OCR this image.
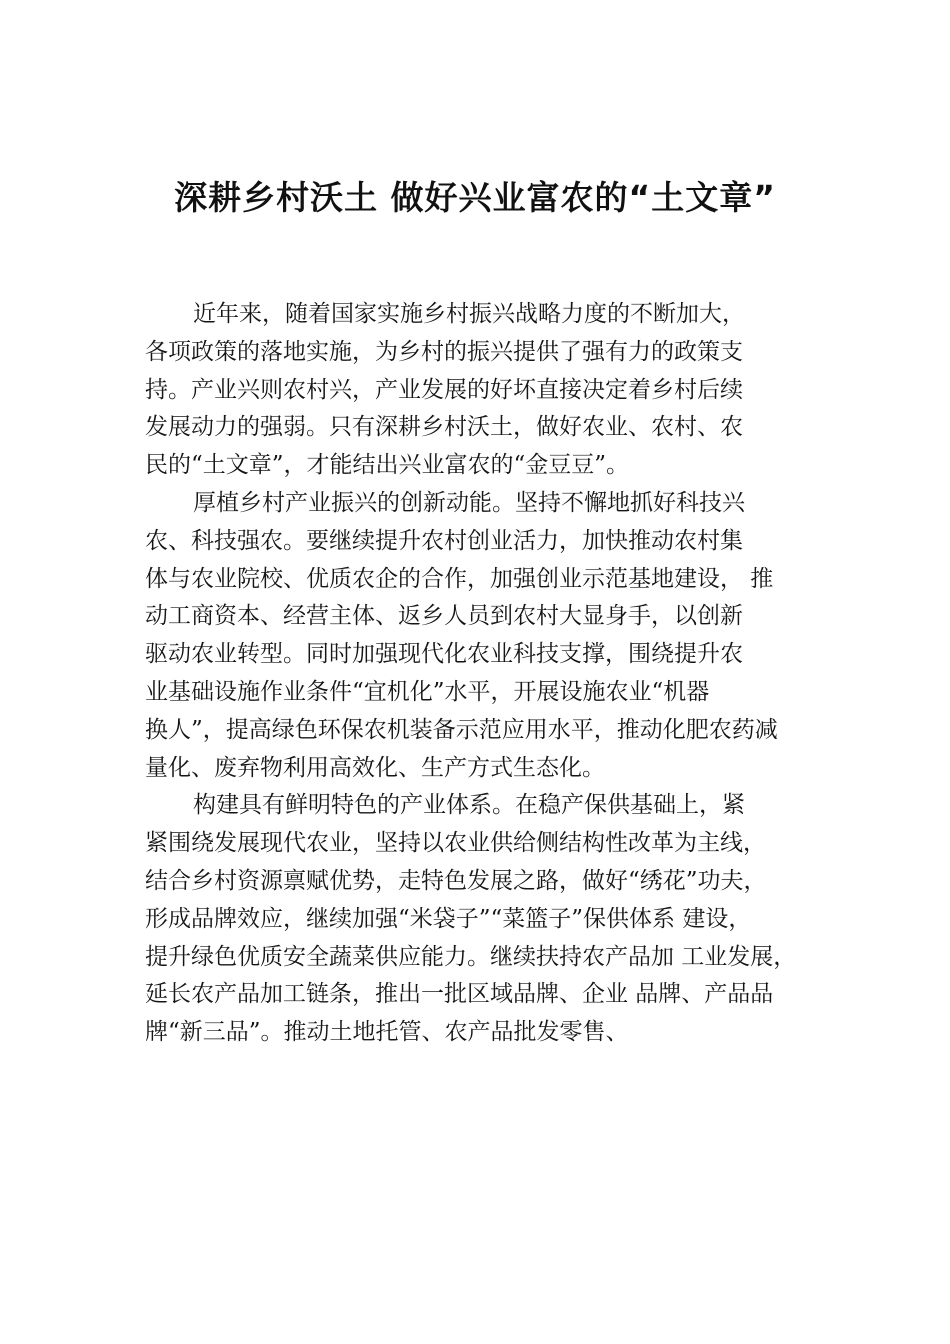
深耕乡村沃土 做好兴业富农的“土文章”
近年来，随着国家实施乡村振兴战略力度的不断加大，
各项政策的落地实施，为乡村的振兴提供了强有力的政策支
持。产业兴则农村兴，产业发展的好坏直接决定着乡村后续
发展动力的强弱。只有深耕乡村沃土，做好农业、农村、农
民的“土文章”，才能结出兴业富农的“金豆豆”。
厚植乡村产业振兴的创新动能。坚持不懈地抓好科技兴
农、科技强农。要继续提升农村创业活力，加快推动农村集
体与农业院校、优质农企的合作，加强创业示范基地建设， 推
动工商资本、经营主体、返乡人员到农村大显身手，以创新
驱动农业转型。同时加强现代化农业科技支撑，围绕提升农
业基础设施作业条件“宜机化”水平，开展设施农业“机器
换人”，提高绿色环保农机装备示范应用水平，推动化肥农药减
量化、废弃物利用高效化、生产方式生态化。
构建具有鲜明特色的产业体系。在稳产保供基础上，紧
紧围绕发展现代农业，坚持以农业供给侧结构性改革为主线，
结合乡村资源禀赋优势，走特色发展之路，做好“绣花”功夫，
形成品牌效应，继续加强“米袋子”“菜篮子”保供体系 建设，
提升绿色优质安全蔬菜供应能力。继续扶持农产品加 工业发展，
延长农产品加工链条，推出一批区域品牌、企业 品牌、产品品
牌“新三品”。推动土地托管、农产品批发零售、
